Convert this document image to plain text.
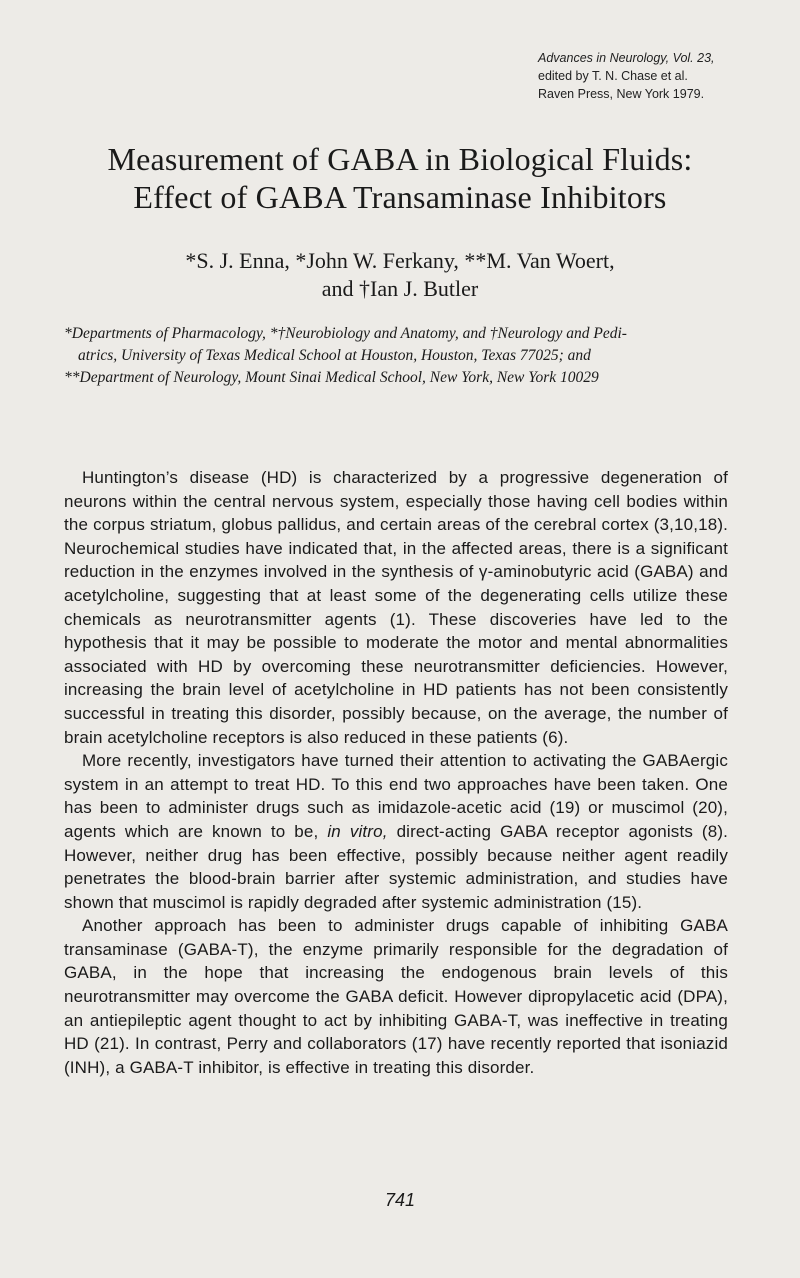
Advances in Neurology, Vol. 23,
edited by T. N. Chase et al.
Raven Press, New York 1979.
Measurement of GABA in Biological Fluids:
Effect of GABA Transaminase Inhibitors
*S. J. Enna, *John W. Ferkany, **M. Van Woert,
and †Ian J. Butler
*Departments of Pharmacology, *†Neurobiology and Anatomy, and †Neurology and Pedi-
atrics, University of Texas Medical School at Houston, Houston, Texas 77025; and
**Department of Neurology, Mount Sinai Medical School, New York, New York 10029

Huntington’s disease (HD) is characterized by a progressive degeneration of neurons within the central nervous system, especially those having cell bodies within the corpus striatum, globus pallidus, and certain areas of the cerebral cortex (3,10,18). Neurochemical studies have indicated that, in the affected areas, there is a significant reduction in the enzymes involved in the synthesis of γ-aminobutyric acid (GABA) and acetylcholine, suggesting that at least some of the degenerating cells utilize these chemicals as neurotransmitter agents (1). These discoveries have led to the hypothesis that it may be possible to moderate the motor and mental abnormalities associated with HD by overcoming these neurotransmitter deficiencies. However, increasing the brain level of acetylcholine in HD patients has not been consistently successful in treating this disorder, possibly because, on the average, the number of brain acetylcholine receptors is also reduced in these patients (6).

More recently, investigators have turned their attention to activating the GABAergic system in an attempt to treat HD. To this end two approaches have been taken. One has been to administer drugs such as imidazole-acetic acid (19) or muscimol (20), agents which are known to be, in vitro, direct-acting GABA receptor agonists (8). However, neither drug has been effective, possibly because neither agent readily penetrates the blood-brain barrier after systemic administration, and studies have shown that muscimol is rapidly degraded after systemic administration (15).

Another approach has been to administer drugs capable of inhibiting GABA transaminase (GABA-T), the enzyme primarily responsible for the degradation of GABA, in the hope that increasing the endogenous brain levels of this neurotransmitter may overcome the GABA deficit. However dipropylacetic acid (DPA), an antiepileptic agent thought to act by inhibiting GABA-T, was ineffective in treating HD (21). In contrast, Perry and collaborators (17) have recently reported that isoniazid (INH), a GABA-T inhibitor, is effective in treating this disorder.

741
